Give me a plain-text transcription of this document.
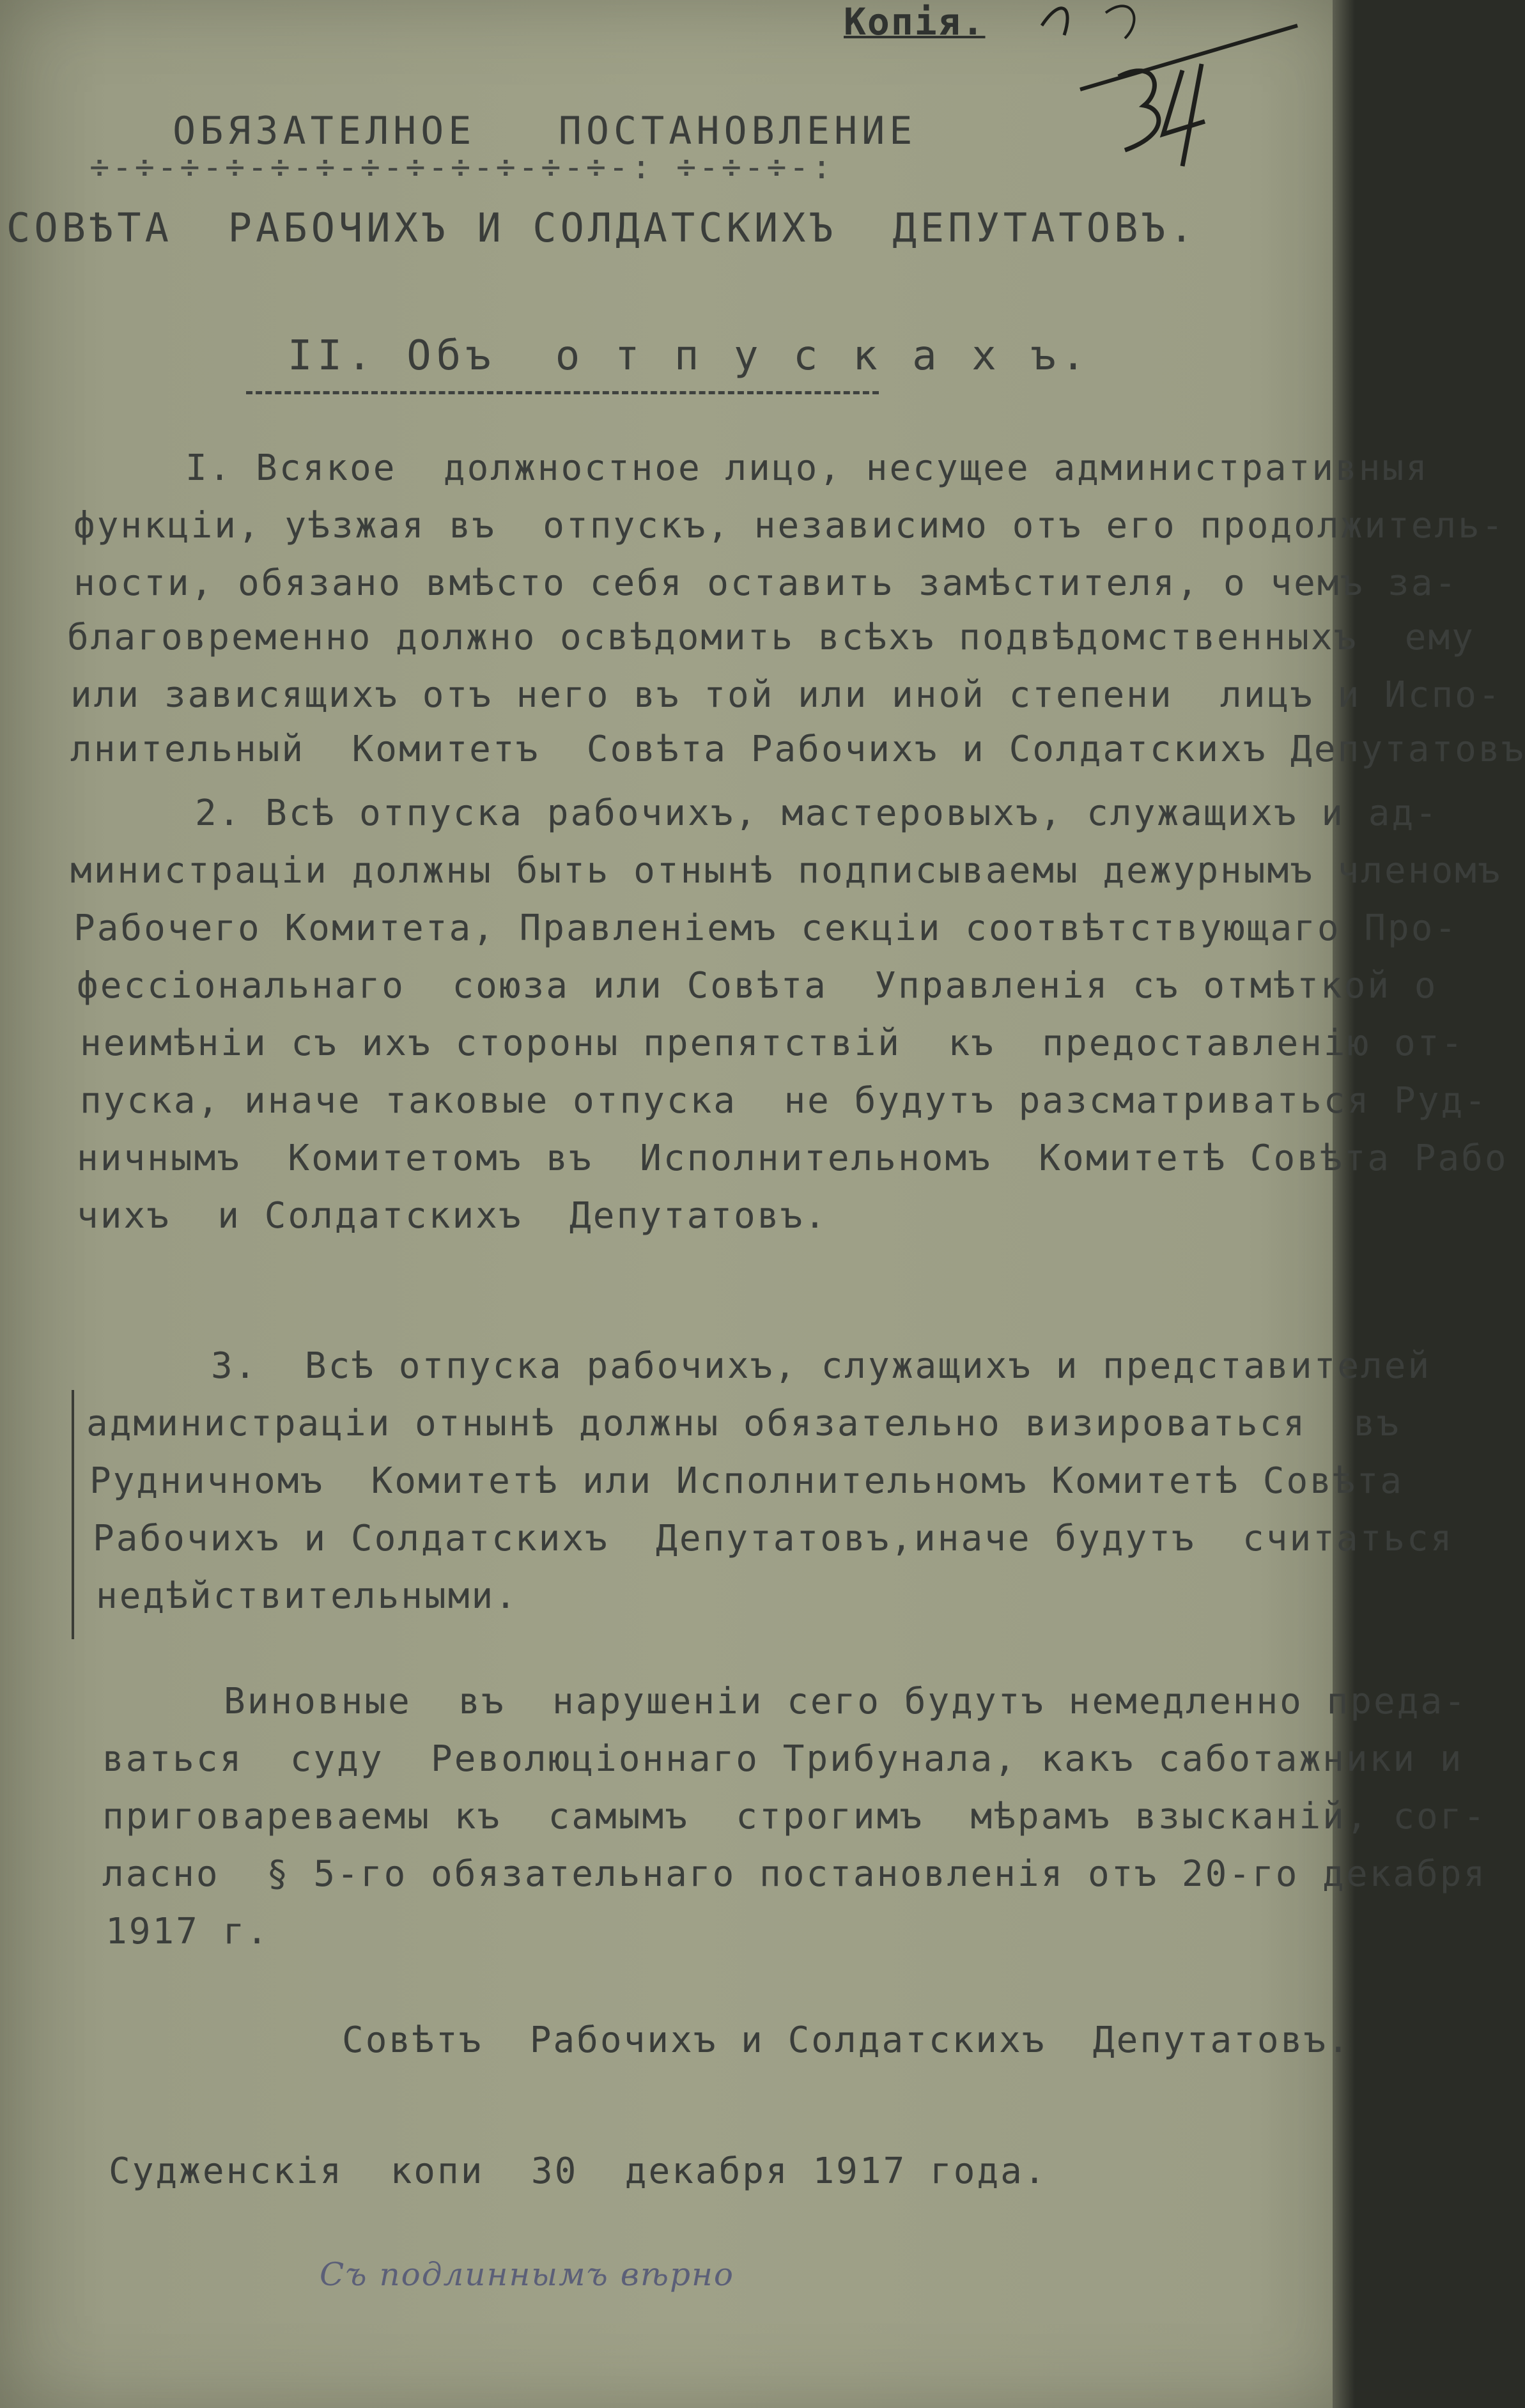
Копія.	34
ОБЯЗАТЕЛНОЕ   ПОСТАНОВЛЕНИЕ
÷-÷-÷-÷-÷-÷-÷-÷-÷-÷-÷-÷-: ÷-÷-÷-:
СОВѢТА  РАБОЧИХЪ И СОЛДАТСКИХЪ  ДЕПУТАТОВЪ.
II. Объ  о т п у с к а х ъ.
I. Всякое  должностное лицо, несущее административныя
функціи, уѣзжая въ  отпускъ, независимо отъ его продолжитель-
ности, обязано вмѣсто себя оставить замѣстителя, о чемъ за-
благовременно должно освѣдомить всѣхъ подвѣдомственныхъ  ему
или зависящихъ отъ него въ той или иной степени  лицъ и Испо-
лнительный  Комитетъ  Совѣта Рабочихъ и Солдатскихъ Депутатовъ
2. Всѣ отпуска рабочихъ, мастеровыхъ, служащихъ и ад-
министраціи должны быть отнынѣ подписываемы дежурнымъ членомъ
Рабочего Комитета, Правленіемъ секціи соотвѣтствующаго Про-
фессіональнаго  союза или Совѣта  Управленія съ отмѣткой о
неимѣніи съ ихъ стороны препятствій  къ  предоставленію от-
пуска, иначе таковые отпуска  не будутъ разсматриваться Руд-
ничнымъ  Комитетомъ въ  Исполнительномъ  Комитетѣ Совѣта Рабо
чихъ  и Солдатскихъ  Депутатовъ.
3.  Всѣ отпуска рабочихъ, служащихъ и представителей
администраціи отнынѣ должны обязательно визироваться  въ
Рудничномъ  Комитетѣ или Исполнительномъ Комитетѣ Совѣта
Рабочихъ и Солдатскихъ  Депутатовъ,иначе будутъ  считаться
недѣйствительными.
Виновные  въ  нарушеніи сего будутъ немедленно преда-
ваться  суду  Революціоннаго Трибунала, какъ саботажники и
приговареваемы къ  самымъ  строгимъ  мѣрамъ взысканій, сог-
ласно  § 5-го обязательнаго постановленія отъ 20-го декабря
1917 г.
Совѣтъ  Рабочихъ и Солдатскихъ  Депутатовъ.
Судженскія  копи  30  декабря 1917 года.
Съ подлиннымъ вѣрно
